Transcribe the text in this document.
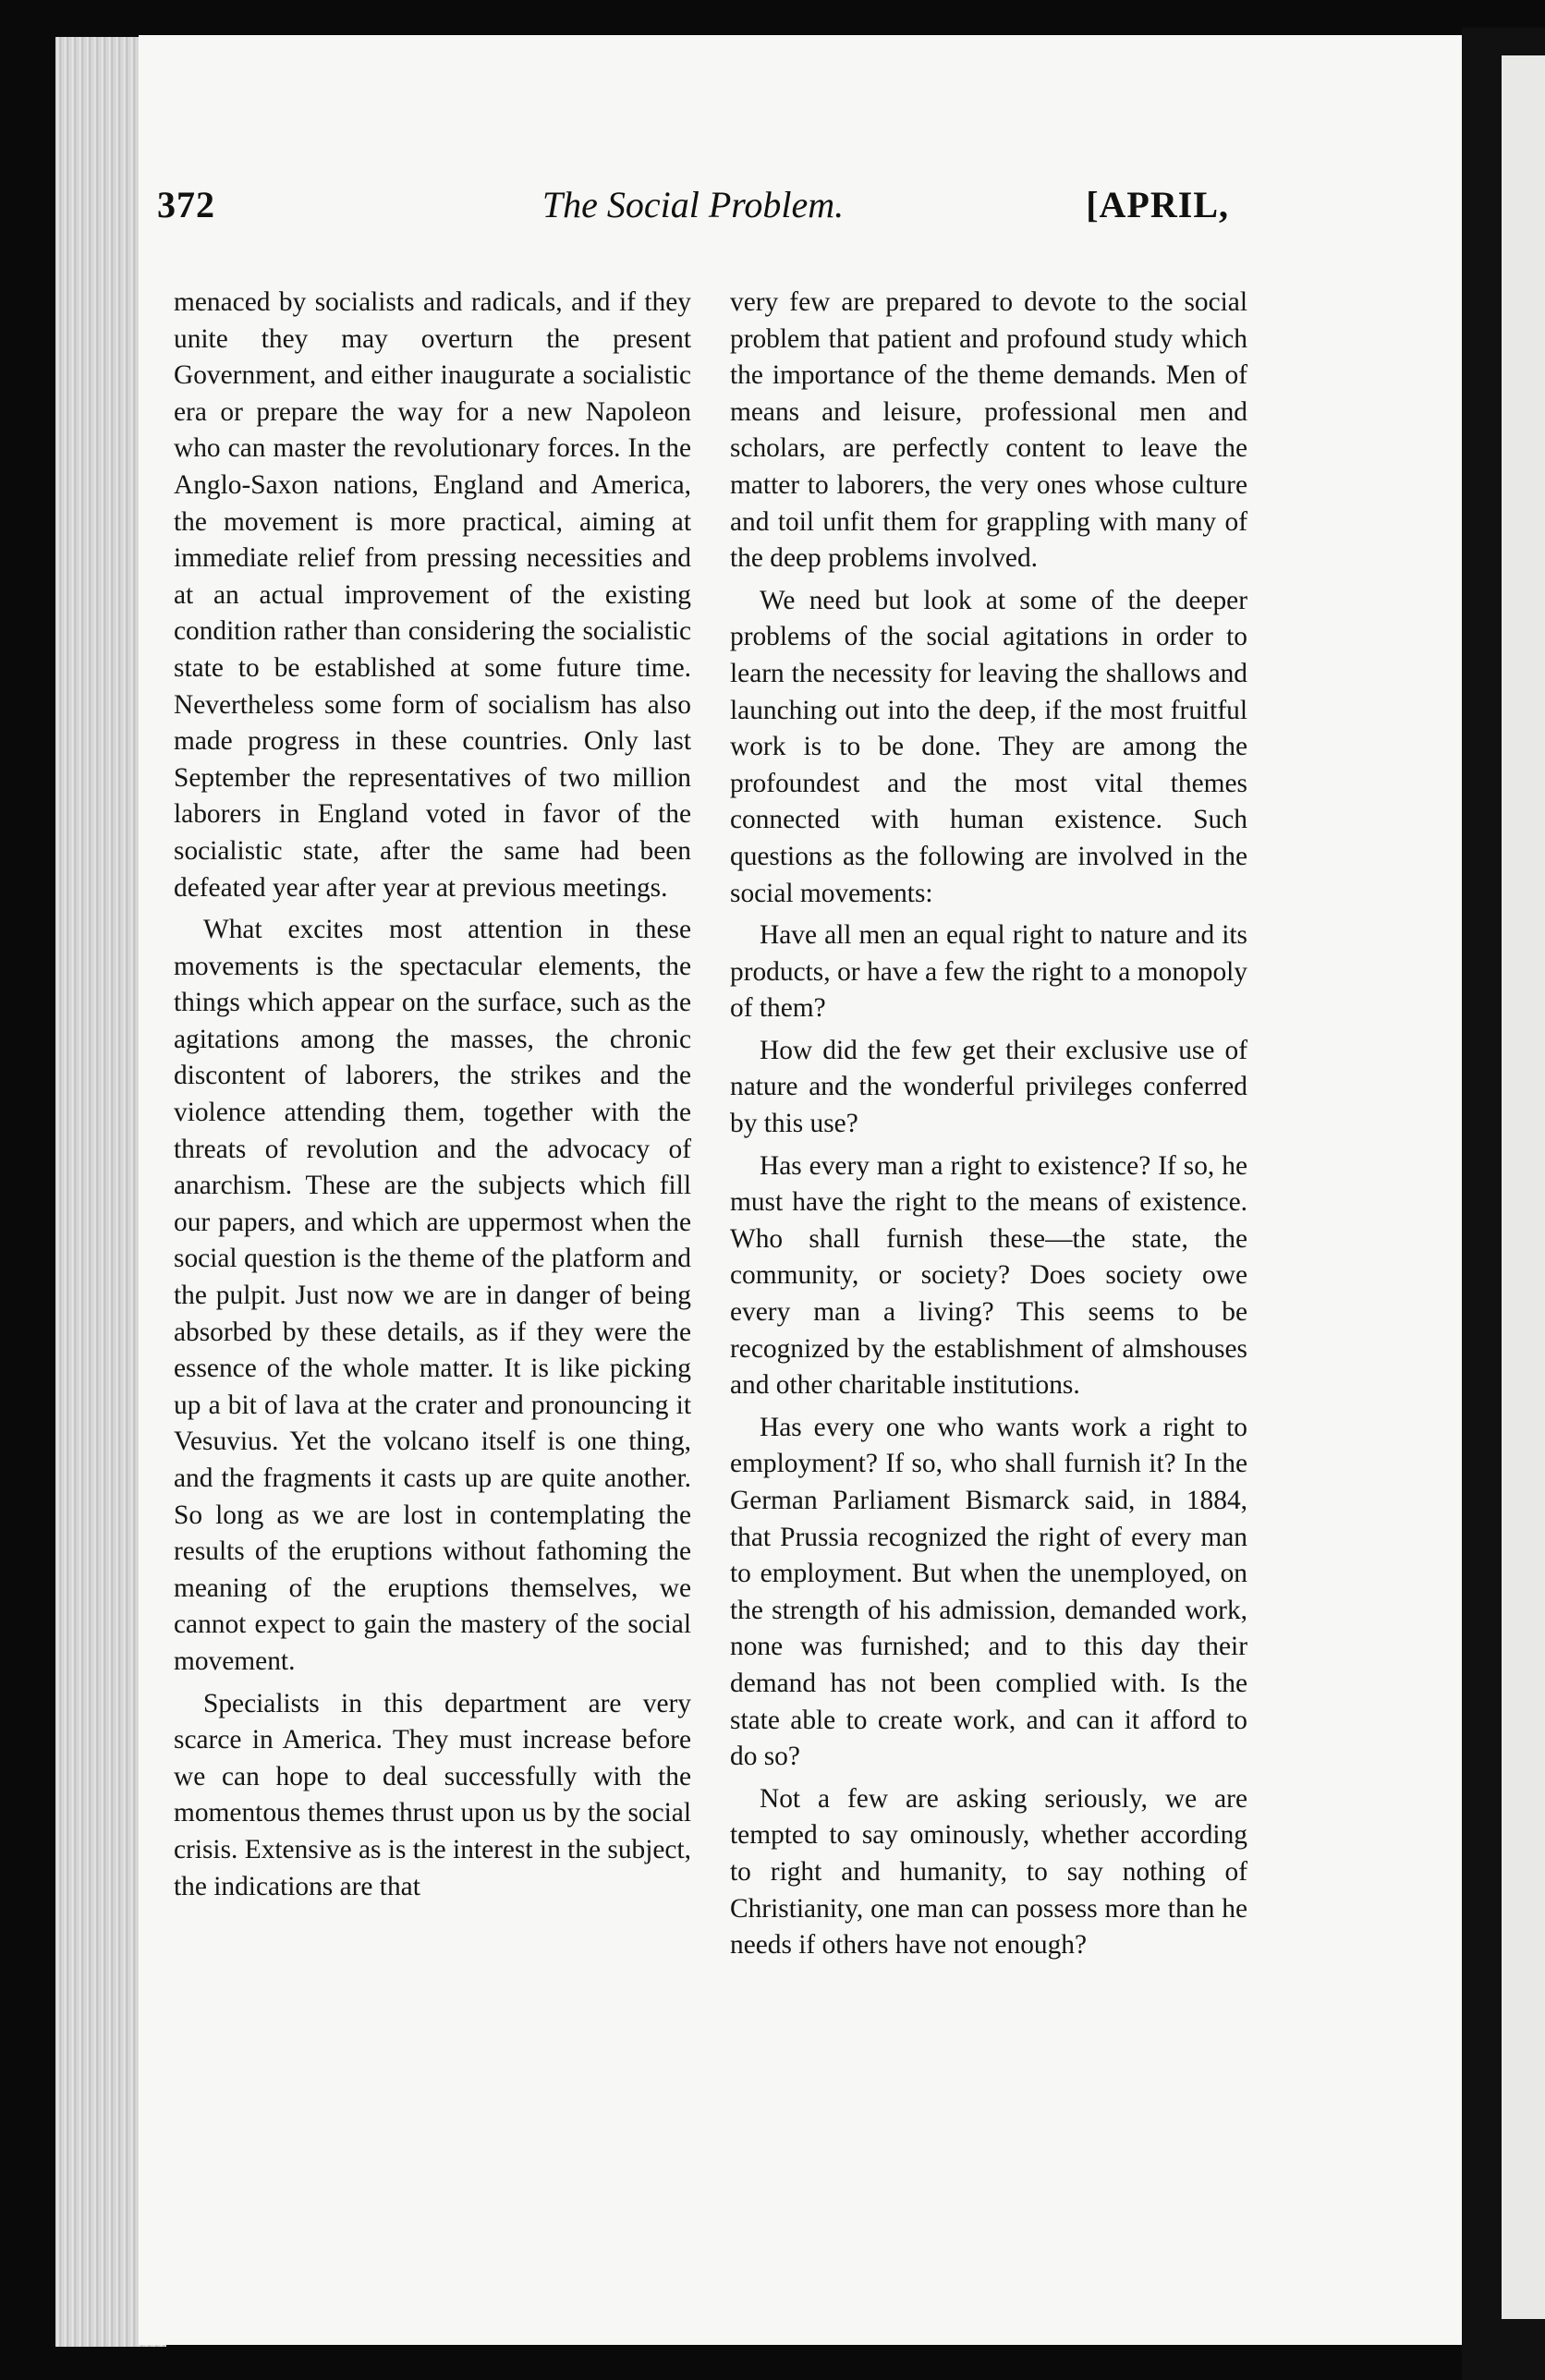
372	The Social Problem.	[APRIL,

menaced by socialists and radicals, and if they unite they may overturn the present Government, and either inaugurate a socialistic era or prepare the way for a new Napoleon who can master the revolutionary forces. In the Anglo-Saxon nations, England and America, the movement is more practical, aiming at immediate relief from pressing necessities and at an actual improvement of the existing condition rather than considering the socialistic state to be established at some future time. Nevertheless some form of socialism has also made progress in these countries. Only last September the representatives of two million laborers in England voted in favor of the socialistic state, after the same had been defeated year after year at previous meetings.

What excites most attention in these movements is the spectacular elements, the things which appear on the surface, such as the agitations among the masses, the chronic discontent of laborers, the strikes and the violence attending them, together with the threats of revolution and the advocacy of anarchism. These are the subjects which fill our papers, and which are uppermost when the social question is the theme of the platform and the pulpit. Just now we are in danger of being absorbed by these details, as if they were the essence of the whole matter. It is like picking up a bit of lava at the crater and pronouncing it Vesuvius. Yet the volcano itself is one thing, and the fragments it casts up are quite another. So long as we are lost in contemplating the results of the eruptions without fathoming the meaning of the eruptions themselves, we cannot expect to gain the mastery of the social movement.

Specialists in this department are very scarce in America. They must increase before we can hope to deal successfully with the momentous themes thrust upon us by the social crisis. Extensive as is the interest in the subject, the indications are that

very few are prepared to devote to the social problem that patient and profound study which the importance of the theme demands. Men of means and leisure, professional men and scholars, are perfectly content to leave the matter to laborers, the very ones whose culture and toil unfit them for grappling with many of the deep problems involved.

We need but look at some of the deeper problems of the social agitations in order to learn the necessity for leaving the shallows and launching out into the deep, if the most fruitful work is to be done. They are among the profoundest and the most vital themes connected with human existence. Such questions as the following are involved in the social movements:

Have all men an equal right to nature and its products, or have a few the right to a monopoly of them?

How did the few get their exclusive use of nature and the wonderful privileges conferred by this use?

Has every man a right to existence? If so, he must have the right to the means of existence. Who shall furnish these—the state, the community, or society? Does society owe every man a living? This seems to be recognized by the establishment of almshouses and other charitable institutions.

Has every one who wants work a right to employment? If so, who shall furnish it? In the German Parliament Bismarck said, in 1884, that Prussia recognized the right of every man to employment. But when the unemployed, on the strength of his admission, demanded work, none was furnished; and to this day their demand has not been complied with. Is the state able to create work, and can it afford to do so?

Not a few are asking seriously, we are tempted to say ominously, whether according to right and humanity, to say nothing of Christianity, one man can possess more than he needs if others have not enough?
